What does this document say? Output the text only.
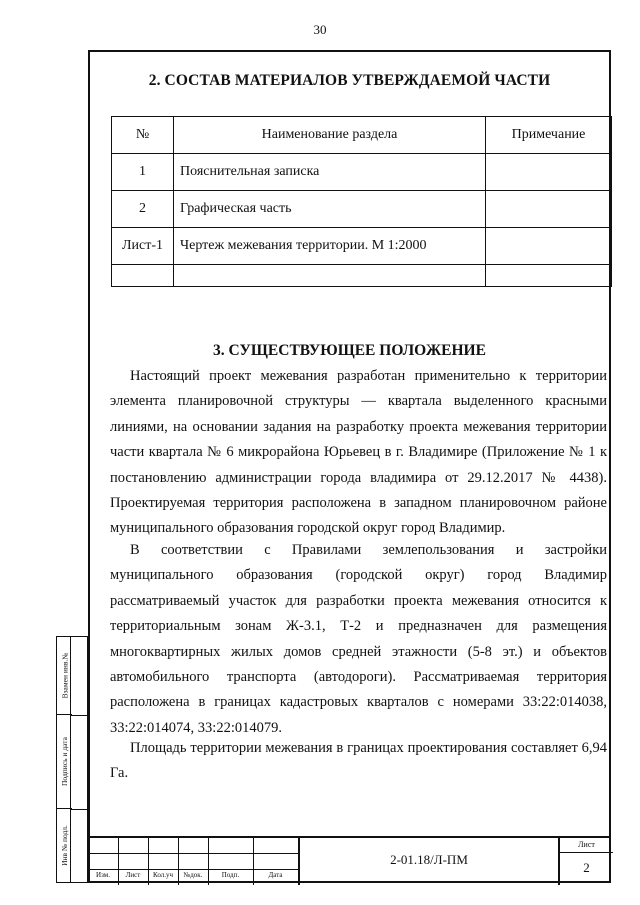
30
2. СОСТАВ МАТЕРИАЛОВ УТВЕРЖДАЕМОЙ ЧАСТИ
№	Наименование раздела	Примечание
1	Пояснительная записка	
2	Графическая часть	
Лист-1	Чертеж межевания территории. М 1:2000	

3. СУЩЕСТВУЮЩЕЕ ПОЛОЖЕНИЕ
Настоящий проект межевания разработан применительно к территории элемента планировочной структуры — квартала выделенного красными линиями, на основании задания на разработку проекта межевания территории части квартала № 6 микрорайона Юрьевец в г. Владимире (Приложение № 1 к постановлению администрации города владимира от 29.12.2017 № 4438). Проектируемая территория расположена в западном планировочном районе муниципального образования городской округ город Владимир.
В соответствии с Правилами землепользования и застройки муниципального образования (городской округ) город Владимир рассматриваемый участок для разработки проекта межевания относится к территориальным зонам Ж-3.1, Т-2 и предназначен для размещения многоквартирных жилых домов средней этажности (5-8 эт.) и объектов автомобильного транспорта (автодороги). Рассматриваемая территория расположена в границах кадастровых кварталов с номерами 33:22:014038, 33:22:014074, 33:22:014079.
Площадь территории межевания в границах проектирования составляет 6,94 Га.
Взамен инв.№
Подпись и дата
Инв № подл.
Изм.	Лист	Кол.уч	№док.	Подп.	Дата
2-01.18/Л-ПМ
Лист
2
